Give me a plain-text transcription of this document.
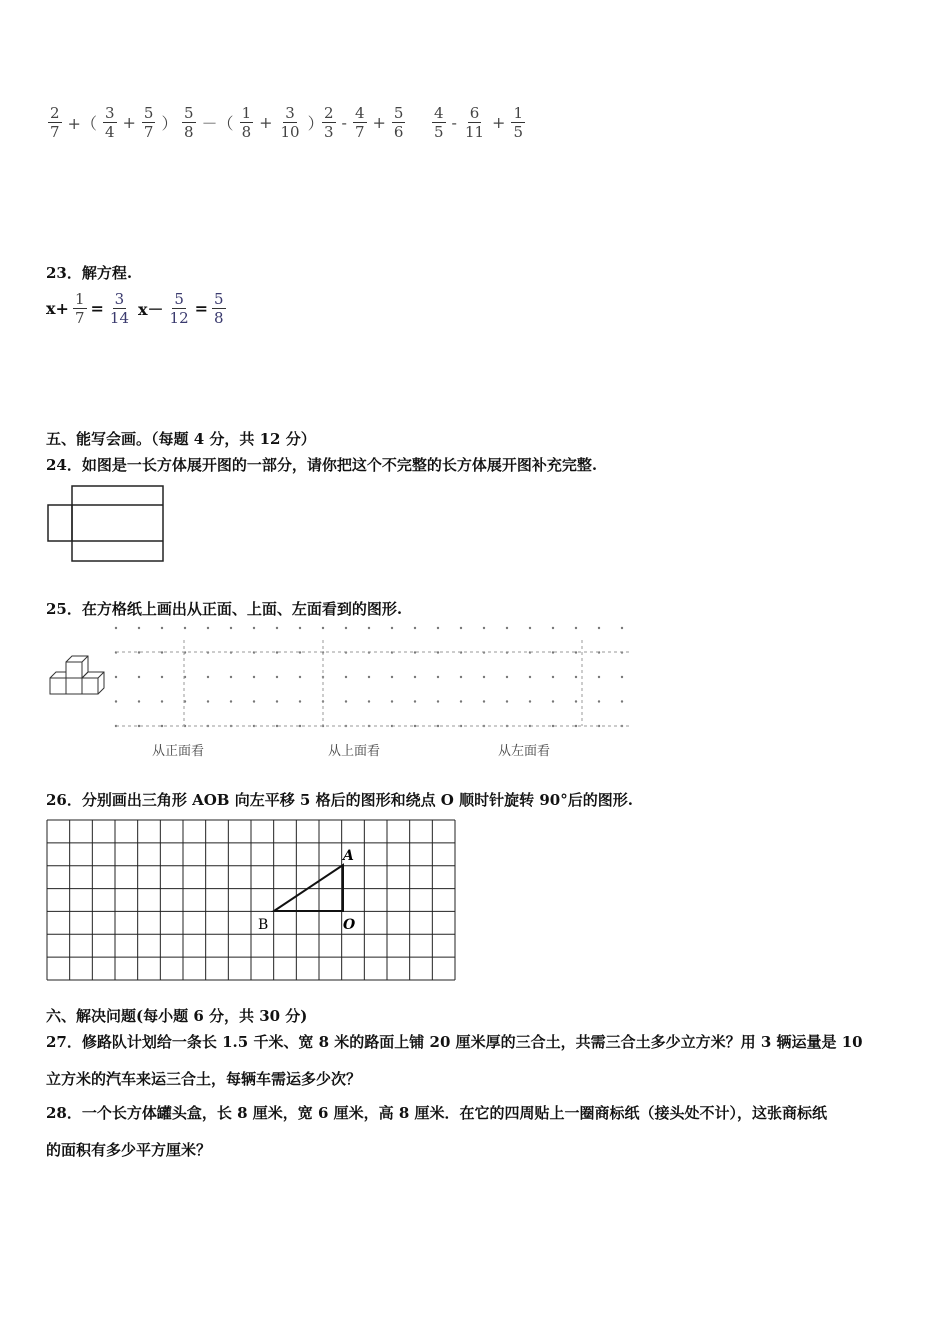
$\frac{2}{7}$ +（ $\frac{3}{4} + \frac{5}{7}$ ） $\frac{5}{8}$ －（ $\frac{1}{8} + \frac{3}{10}$ ）
$\frac{2}{3} - \frac{4}{7} + \frac{5}{6} \frac{4}{5} - \frac{6}{11} + \frac{1}{5}$
23．解方程.
$x+ \frac{1}{7} = \frac{3}{14} x- \frac{5}{12} = \frac{5}{8}$
五、能写会画。（每题 4 分，共 12 分）
24．如图是一长方体展开图的一部分，请你把这个不完整的长方体展开图补充完整.
25．在方格纸上画出从正面、上面、左面看到的图形.
从正面看	从上面看	从左面看
26．分别画出三角形 AOB 向左平移 5 格后的图形和绕点 O 顺时针旋转 90°后的图形.
A
B	O
六、解决问题(每小题 6 分，共 30 分)
27．修路队计划给一条长 1.5 千米、宽 8 米的路面上铺 20 厘米厚的三合土，共需三合土多少立方米？用 3 辆运量是 10
立方米的汽车来运三合土，每辆车需运多少次？
28．一个长方体罐头盒，长 8 厘米，宽 6 厘米，高 8 厘米．在它的四周贴上一圈商标纸（接头处不计），这张商标纸
的面积有多少平方厘米？
